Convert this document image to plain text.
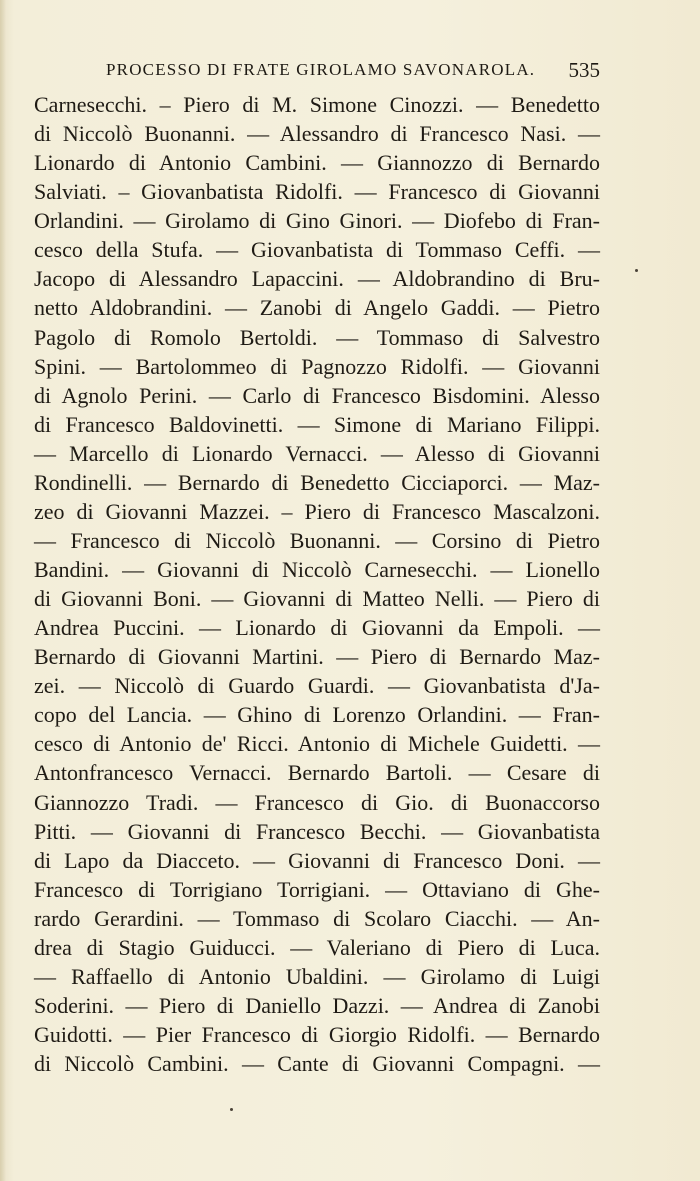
PROCESSO DI FRATE GIROLAMO SAVONAROLA. 535
Carnesecchi. – Piero di M. Simone Cinozzi. — Benedetto
di Niccolò Buonanni. — Alessandro di Francesco Nasi. —
Lionardo di Antonio Cambini. — Giannozzo di Bernardo
Salviati. – Giovanbatista Ridolfi. — Francesco di Giovanni
Orlandini. — Girolamo di Gino Ginori. — Diofebo di Fran-
cesco della Stufa. — Giovanbatista di Tommaso Ceffi. —
Jacopo di Alessandro Lapaccini. — Aldobrandino di Bru-
netto Aldobrandini. — Zanobi di Angelo Gaddi. — Pietro
Pagolo di Romolo Bertoldi. — Tommaso di Salvestro
Spini. — Bartolommeo di Pagnozzo Ridolfi. — Giovanni
di Agnolo Perini. — Carlo di Francesco Bisdomini. Alesso
di Francesco Baldovinetti. — Simone di Mariano Filippi.
— Marcello di Lionardo Vernacci. — Alesso di Giovanni
Rondinelli. — Bernardo di Benedetto Cicciaporci. — Maz-
zeo di Giovanni Mazzei. – Piero di Francesco Mascalzoni.
— Francesco di Niccolò Buonanni. — Corsino di Pietro
Bandini. — Giovanni di Niccolò Carnesecchi. — Lionello
di Giovanni Boni. — Giovanni di Matteo Nelli. — Piero di
Andrea Puccini. — Lionardo di Giovanni da Empoli. —
Bernardo di Giovanni Martini. — Piero di Bernardo Maz-
zei. — Niccolò di Guardo Guardi. — Giovanbatista d'Ja-
copo del Lancia. — Ghino di Lorenzo Orlandini. — Fran-
cesco di Antonio de' Ricci. Antonio di Michele Guidetti. —
Antonfrancesco Vernacci. Bernardo Bartoli. — Cesare di
Giannozzo Tradi. — Francesco di Gio. di Buonaccorso
Pitti. — Giovanni di Francesco Becchi. — Giovanbatista
di Lapo da Diacceto. — Giovanni di Francesco Doni. —
Francesco di Torrigiano Torrigiani. — Ottaviano di Ghe-
rardo Gerardini. — Tommaso di Scolaro Ciacchi. — An-
drea di Stagio Guiducci. — Valeriano di Piero di Luca.
— Raffaello di Antonio Ubaldini. — Girolamo di Luigi
Soderini. — Piero di Daniello Dazzi. — Andrea di Zanobi
Guidotti. — Pier Francesco di Giorgio Ridolfi. — Bernardo
di Niccolò Cambini. — Cante di Giovanni Compagni. —
